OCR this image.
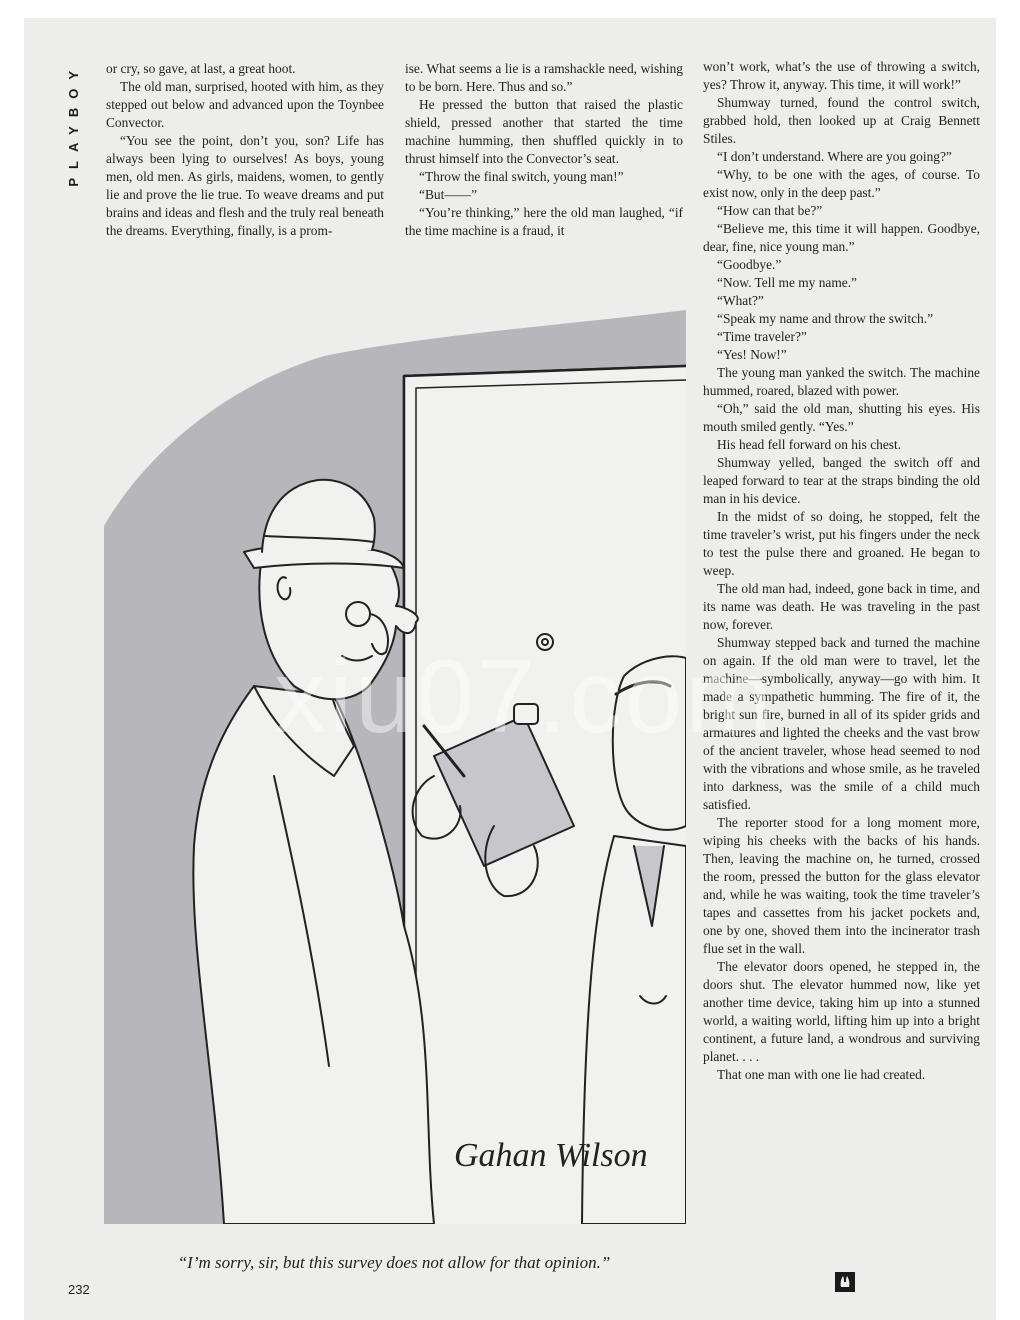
PLAYBOY	or cry, so gave, at last, a great hoot.

The old man, surprised, hooted with him, as they stepped out below and advanced upon the Toynbee Convector.

“You see the point, don’t you, son? Life has always been lying to ourselves! As boys, young men, old men. As girls, maidens, women, to gently lie and prove the lie true. To weave dreams and put brains and ideas and flesh and the truly real beneath the dreams. Everything, finally, is a prom-

ise. What seems a lie is a ramshackle need, wishing to be born. Here. Thus and so.”

He pressed the button that raised the plastic shield, pressed another that started the time machine humming, then shuffled quickly in to thrust himself into the Convector’s seat.

“Throw the final switch, young man!”

“But——”

“You’re thinking,” here the old man laughed, “if the time machine is a fraud, it

won’t work, what’s the use of throwing a switch, yes? Throw it, anyway. This time, it will work!”

Shumway turned, found the control switch, grabbed hold, then looked up at Craig Bennett Stiles.

“I don’t understand. Where are you going?”

“Why, to be one with the ages, of course. To exist now, only in the deep past.”

“How can that be?”

“Believe me, this time it will happen. Goodbye, dear, fine, nice young man.”

“Goodbye.”

“Now. Tell me my name.”

“What?”

“Speak my name and throw the switch.”

“Time traveler?”

“Yes! Now!”

The young man yanked the switch. The machine hummed, roared, blazed with power.

“Oh,” said the old man, shutting his eyes. His mouth smiled gently. “Yes.”

His head fell forward on his chest.

Shumway yelled, banged the switch off and leaped forward to tear at the straps binding the old man in his device.

In the midst of so doing, he stopped, felt the time traveler’s wrist, put his fingers under the neck to test the pulse there and groaned. He began to weep.

The old man had, indeed, gone back in time, and its name was death. He was traveling in the past now, forever.

Shumway stepped back and turned the machine on again. If the old man were to travel, let the machine—symbolically, anyway—go with him. It made a sympathetic humming. The fire of it, the bright sun fire, burned in all of its spider grids and armatures and lighted the cheeks and the vast brow of the ancient traveler, whose head seemed to nod with the vibrations and whose smile, as he traveled into darkness, was the smile of a child much satisfied.

The reporter stood for a long moment more, wiping his cheeks with the backs of his hands. Then, leaving the machine on, he turned, crossed the room, pressed the button for the glass elevator and, while he was waiting, took the time traveler’s tapes and cassettes from his jacket pockets and, one by one, shoved them into the incinerator trash flue set in the wall.

The elevator doors opened, he stepped in, the doors shut. The elevator hummed now, like yet another time device, taking him up into a stunned world, a waiting world, lifting him up into a bright continent, a future land, a wondrous and surviving planet. . . .

That one man with one lie had created.

Gahan Wilson
“I’m sorry, sir, but this survey does not allow for that opinion.”
232
xiu07.com
